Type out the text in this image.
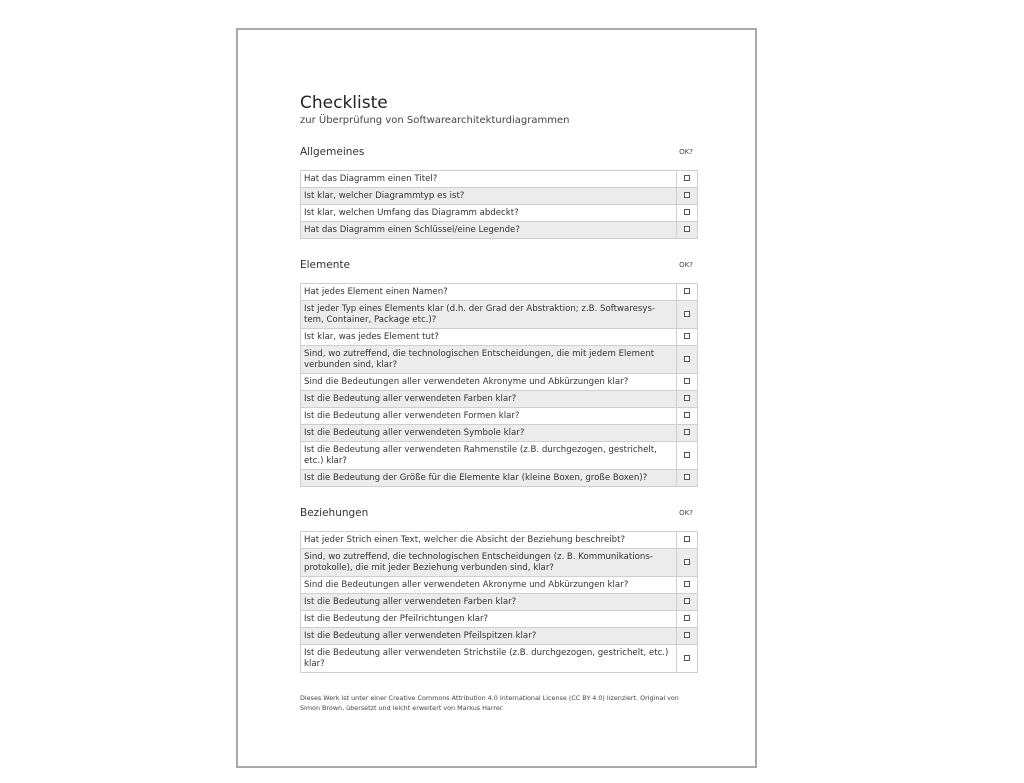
Checkliste
zur Überprüfung von Softwarearchitekturdiagrammen
Allgemeines	OK?
Hat das Diagramm einen Titel?	
Ist klar, welcher Diagrammtyp es ist?	
Ist klar, welchen Umfang das Diagramm abdeckt?	
Hat das Diagramm einen Schlüssel/eine Legende?	
Elemente	OK?
Hat jedes Element einen Namen?	
Ist jeder Typ eines Elements klar (d.h. der Grad der Abstraktion; z.B. Softwaresys-tem, Container, Package etc.)?	
Ist klar, was jedes Element tut?	
Sind, wo zutreffend, die technologischen Entscheidungen, die mit jedem Element verbunden sind, klar?	
Sind die Bedeutungen aller verwendeten Akronyme und Abkürzungen klar?	
Ist die Bedeutung aller verwendeten Farben klar?	
Ist die Bedeutung aller verwendeten Formen klar?	
Ist die Bedeutung aller verwendeten Symbole klar?	
Ist die Bedeutung aller verwendeten Rahmenstile (z.B. durchgezogen, gestrichelt, etc.) klar?	
Ist die Bedeutung der Größe für die Elemente klar (kleine Boxen, große Boxen)?	
Beziehungen	OK?
Hat jeder Strich einen Text, welcher die Absicht der Beziehung beschreibt?	
Sind, wo zutreffend, die technologischen Entscheidungen (z. B. Kommunikations-protokolle), die mit jeder Beziehung verbunden sind, klar?	
Sind die Bedeutungen aller verwendeten Akronyme und Abkürzungen klar?	
Ist die Bedeutung aller verwendeten Farben klar?	
Ist die Bedeutung der Pfeilrichtungen klar?	
Ist die Bedeutung aller verwendeten Pfeilspitzen klar?	
Ist die Bedeutung aller verwendeten Strichstile (z.B. durchgezogen, gestrichelt, etc.) klar?	
Dieses Werk ist unter einer Creative Commons Attribution 4.0 International License (CC BY 4.0) lizenziert. Original von Simon Brown, übersetzt und leicht erweitert von Markus Harrer.
